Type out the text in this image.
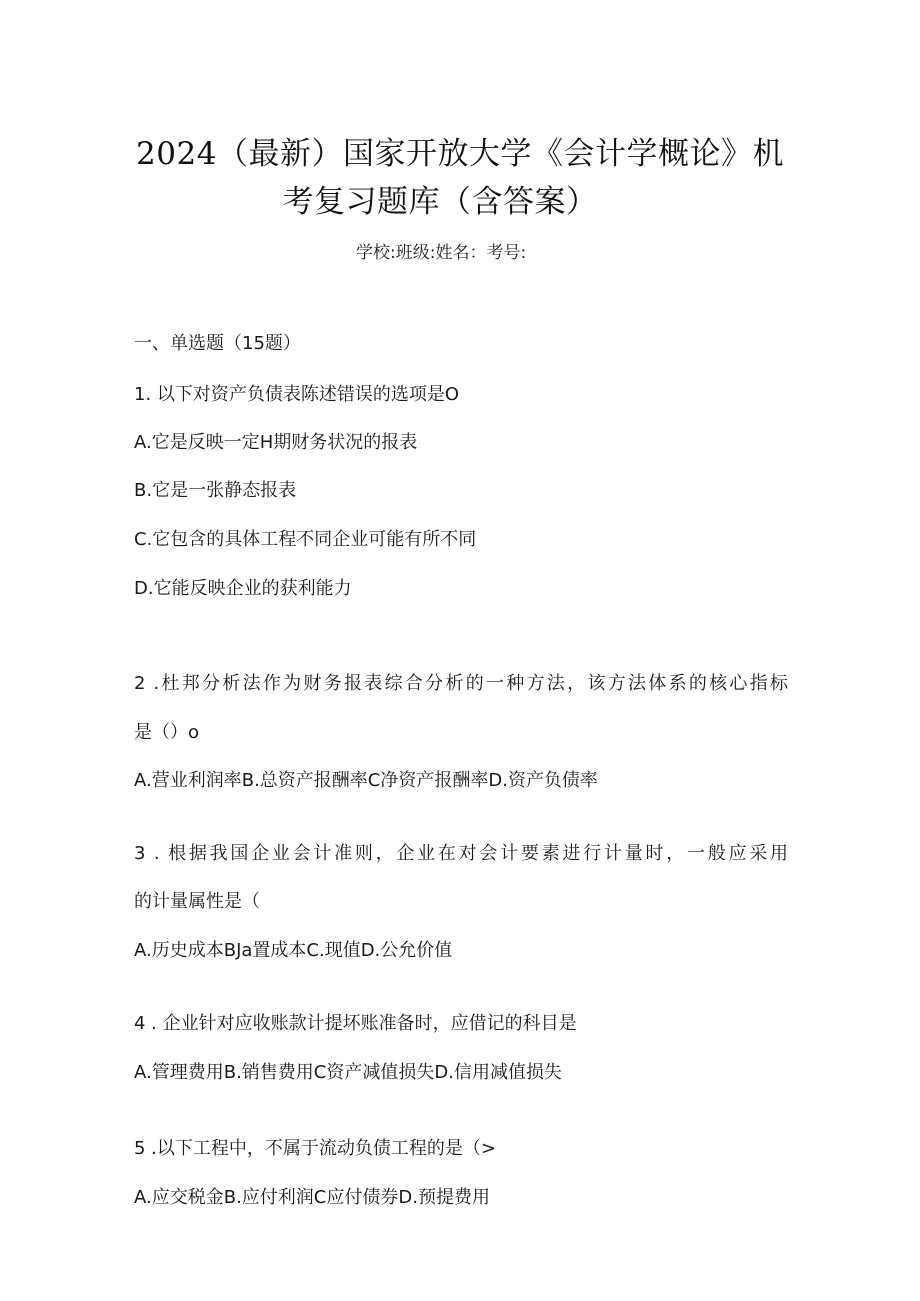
2024（最新）国家开放大学《会计学概论》机
考复习题库（含答案）
学校:班级:姓名：考号:
一、单选题（15题）
1. 以下对资产负债表陈述错误的选项是O
A.它是反映一定H期财务状况的报表
B.它是一张静态报表
C.它包含的具体工程不同企业可能有所不同
D.它能反映企业的获利能力
2 .杜邦分析法作为财务报表综合分析的一种方法，该方法体系的核心指标
是（）o
A.营业利润率B.总资产报酬率C净资产报酬率D.资产负债率
3 . 根据我国企业会计准则，企业在对会计要素进行计量时，一般应采用
的计量属性是（
A.历史成本BJa置成本C.现值D.公允价值
4 . 企业针对应收账款计提坏账准备时，应借记的科目是
A.管理费用B.销售费用C资产减值损失D.信用减值损失
5 .以下工程中，不属于流动负债工程的是（>
A.应交税金B.应付利润C应付债券D.预提费用
